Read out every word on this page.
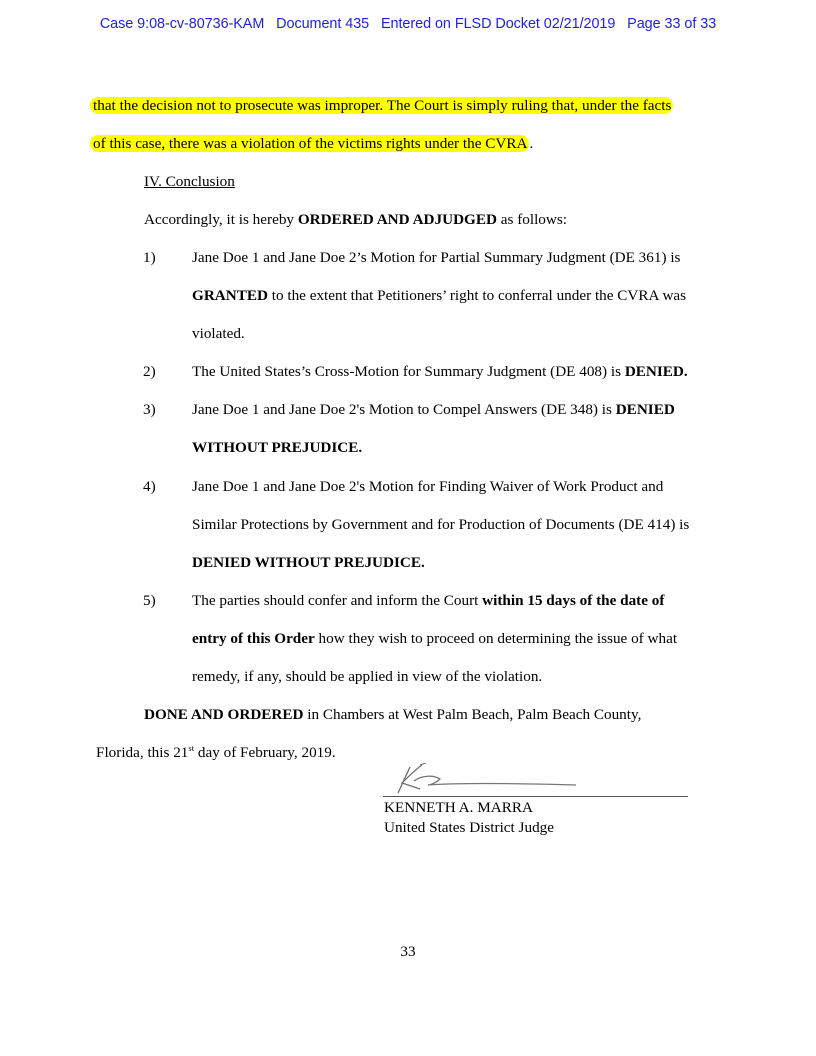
Case 9:08-cv-80736-KAM   Document 435   Entered on FLSD Docket 02/21/2019   Page 33 of 33
that the decision not to prosecute was improper. The Court is simply ruling that, under the facts
of this case, there was a violation of the victims rights under the CVRA .
IV. Conclusion
Accordingly, it is hereby ORDERED AND ADJUDGED as follows:
1) Jane Doe 1 and Jane Doe 2’s Motion for Partial Summary Judgment (DE 361) is
GRANTED to the extent that Petitioners’ right to conferral under the CVRA was
violated.
2) The United States’s Cross-Motion for Summary Judgment (DE 408) is DENIED.
3) Jane Doe 1 and Jane Doe 2's Motion to Compel Answers (DE 348) is DENIED
WITHOUT PREJUDICE.
4) Jane Doe 1 and Jane Doe 2's Motion for Finding Waiver of Work Product and
Similar Protections by Government and for Production of Documents (DE 414) is
DENIED WITHOUT PREJUDICE.
5) The parties should confer and inform the Court within 15 days of the date of
entry of this Order how they wish to proceed on determining the issue of what
remedy, if any, should be applied in view of the violation.
DONE AND ORDERED in Chambers at West Palm Beach, Palm Beach County,
Florida, this 21st day of February, 2019.
KENNETH A. MARRA
United States District Judge
33
